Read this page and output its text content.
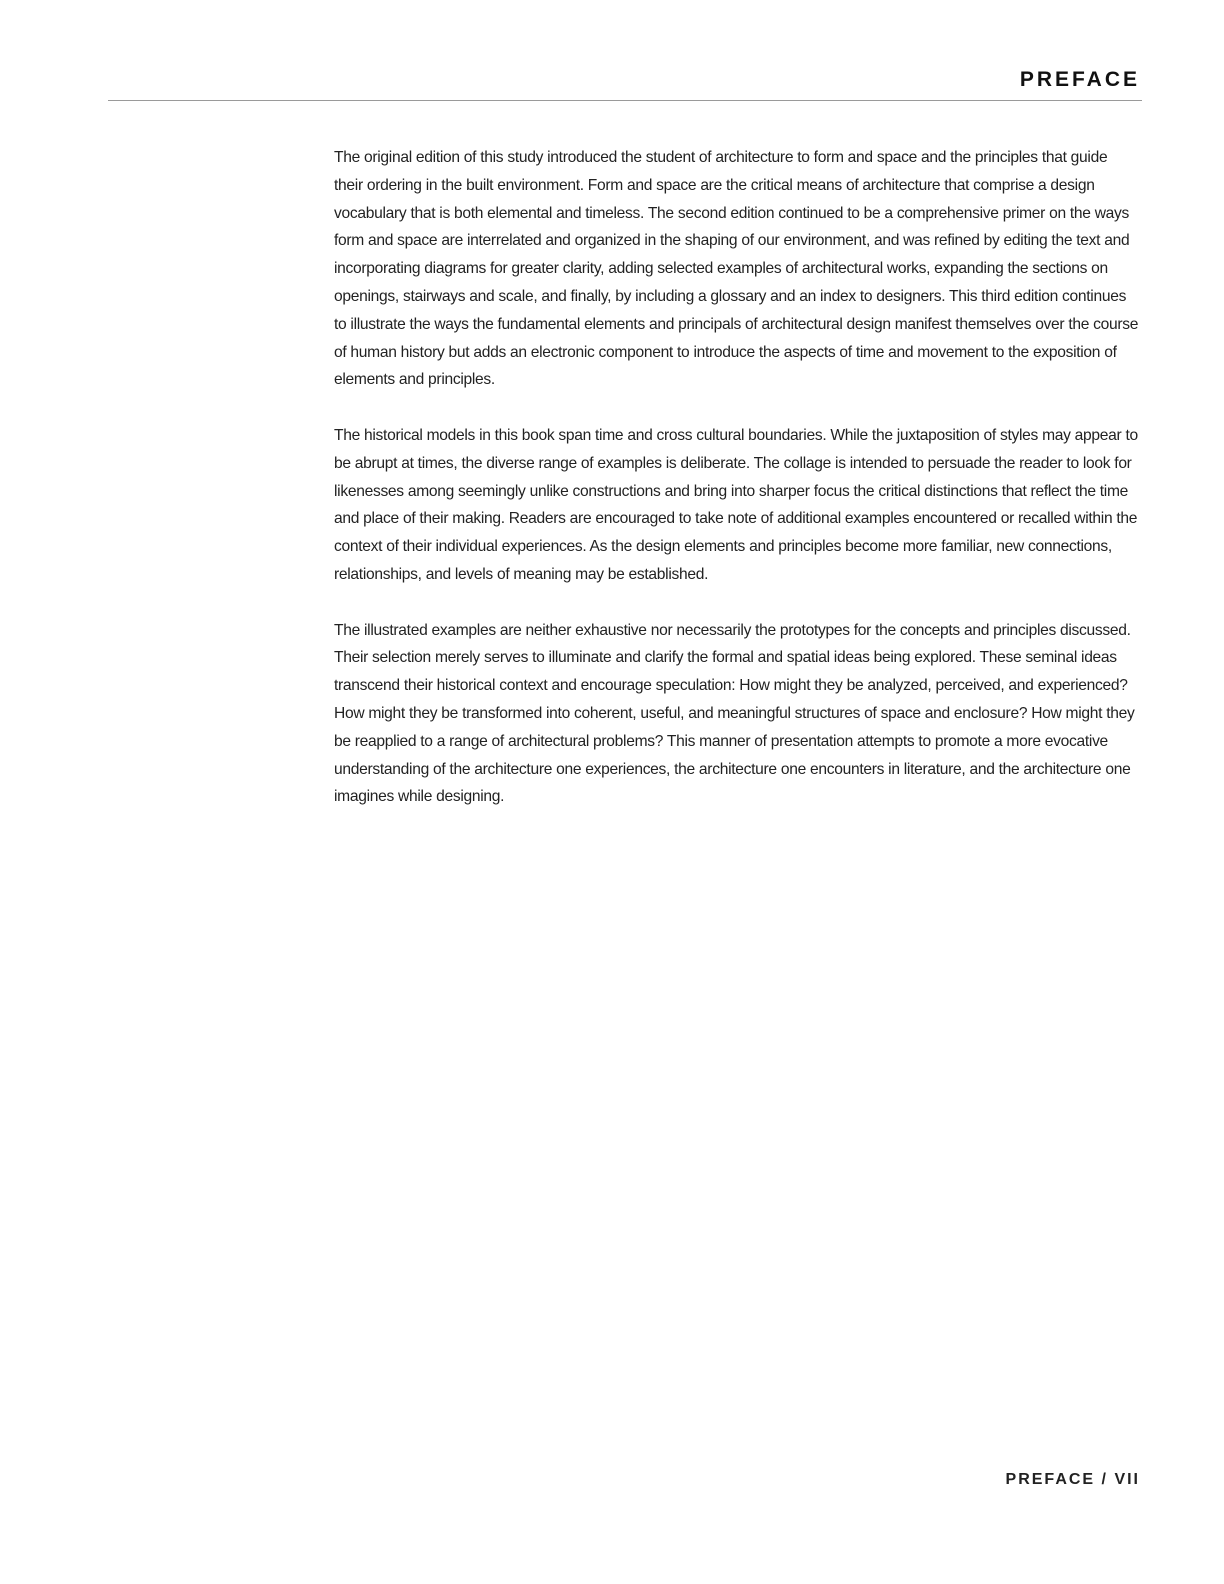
PREFACE

The original edition of this study introduced the student of architecture to form and space and the principles that guide their ordering in the built environment. Form and space are the critical means of architecture that comprise a design vocabulary that is both elemental and timeless. The second edition continued to be a comprehensive primer on the ways form and space are interrelated and organized in the shaping of our environment, and was refined by editing the text and incorporating diagrams for greater clarity, adding selected examples of architectural works, expanding the sections on openings, stairways and scale, and finally, by including a glossary and an index to designers. This third edition continues to illustrate the ways the fundamental elements and principals of architectural design manifest themselves over the course of human history but adds an electronic component to introduce the aspects of time and movement to the exposition of elements and principles.

The historical models in this book span time and cross cultural boundaries. While the juxtaposition of styles may appear to be abrupt at times, the diverse range of examples is deliberate. The collage is intended to persuade the reader to look for likenesses among seemingly unlike constructions and bring into sharper focus the critical distinctions that reflect the time and place of their making. Readers are encouraged to take note of additional examples encountered or recalled within the context of their individual experiences. As the design elements and principles become more familiar, new connections, relationships, and levels of meaning may be established.

The illustrated examples are neither exhaustive nor necessarily the prototypes for the concepts and principles discussed. Their selection merely serves to illuminate and clarify the formal and spatial ideas being explored. These seminal ideas transcend their historical context and encourage speculation: How might they be analyzed, perceived, and experienced? How might they be transformed into coherent, useful, and meaningful structures of space and enclosure? How might they be reapplied to a range of architectural problems? This manner of presentation attempts to promote a more evocative understanding of the architecture one experiences, the architecture one encounters in literature, and the architecture one imagines while designing.

PREFACE / VII
